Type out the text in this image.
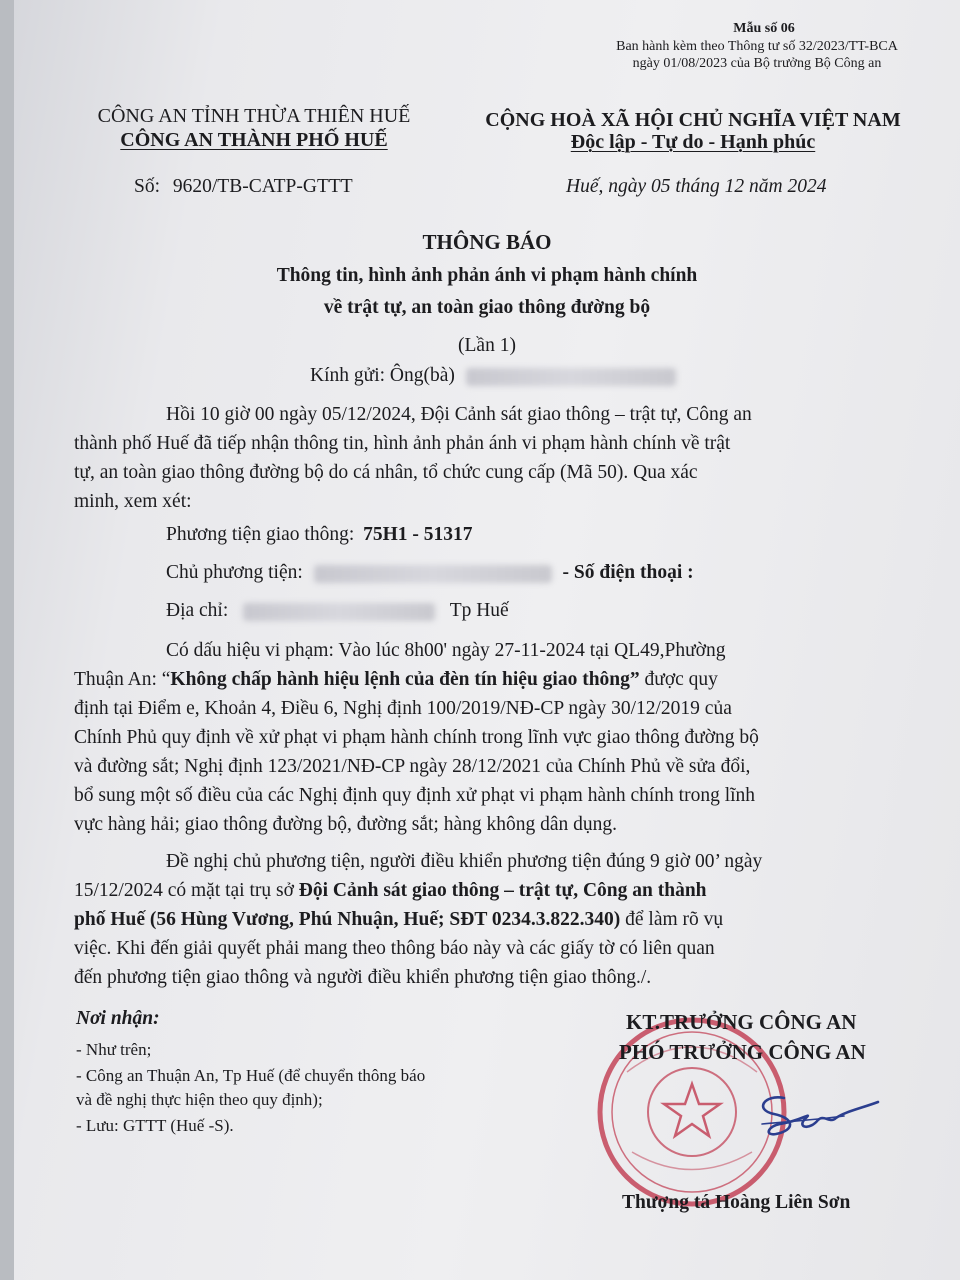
Mẫu số 06
Ban hành kèm theo Thông tư số 32/2023/TT-BCA
ngày 01/08/2023 của Bộ trưởng Bộ Công an
CÔNG AN TỈNH THỪA THIÊN HUẾ
CÔNG AN THÀNH PHỐ HUẾ
Số: 9620/TB-CATP-GTTT
CỘNG HOÀ XÃ HỘI CHỦ NGHĨA VIỆT NAM
Độc lập - Tự do - Hạnh phúc
Huế, ngày 05 tháng 12 năm 2024
THÔNG BÁO
Thông tin, hình ảnh phản ánh vi phạm hành chính
về trật tự, an toàn giao thông đường bộ
(Lần 1)
Kính gửi: Ông(bà)
Hồi 10 giờ 00 ngày 05/12/2024, Đội Cảnh sát giao thông – trật tự, Công an
thành phố Huế đã tiếp nhận thông tin, hình ảnh phản ánh vi phạm hành chính về trật
tự, an toàn giao thông đường bộ do cá nhân, tổ chức cung cấp (Mã 50). Qua xác
minh, xem xét:
Phương tiện giao thông: 75H1 - 51317
Chủ phương tiện:	- Số điện thoại :
Địa chỉ:	Tp Huế
Có dấu hiệu vi phạm: Vào lúc 8h00' ngày 27-11-2024 tại QL49,Phường
Thuận An: “Không chấp hành hiệu lệnh của đèn tín hiệu giao thông” được quy
định tại Điểm e, Khoản 4, Điều 6, Nghị định 100/2019/NĐ-CP ngày 30/12/2019 của
Chính Phủ quy định về xử phạt vi phạm hành chính trong lĩnh vực giao thông đường bộ
và đường sắt; Nghị định 123/2021/NĐ-CP ngày 28/12/2021 của Chính Phủ về sửa đổi,
bổ sung một số điều của các Nghị định quy định xử phạt vi phạm hành chính trong lĩnh
vực hàng hải; giao thông đường bộ, đường sắt; hàng không dân dụng.
Đề nghị chủ phương tiện, người điều khiển phương tiện đúng 9 giờ 00’ ngày
15/12/2024 có mặt tại trụ sở Đội Cảnh sát giao thông – trật tự, Công an thành
phố Huế (56 Hùng Vương, Phú Nhuận, Huế; SĐT 0234.3.822.340) để làm rõ vụ
việc. Khi đến giải quyết phải mang theo thông báo này và các giấy tờ có liên quan
đến phương tiện giao thông và người điều khiển phương tiện giao thông./.
Nơi nhận:
- Như trên;
- Công an Thuận An, Tp Huế (để chuyển thông báo
và đề nghị thực hiện theo quy định);
- Lưu: GTTT (Huế -S).
KT.TRƯỞNG CÔNG AN
PHÓ TRƯỞNG CÔNG AN
Thượng tá Hoàng Liên Sơn
